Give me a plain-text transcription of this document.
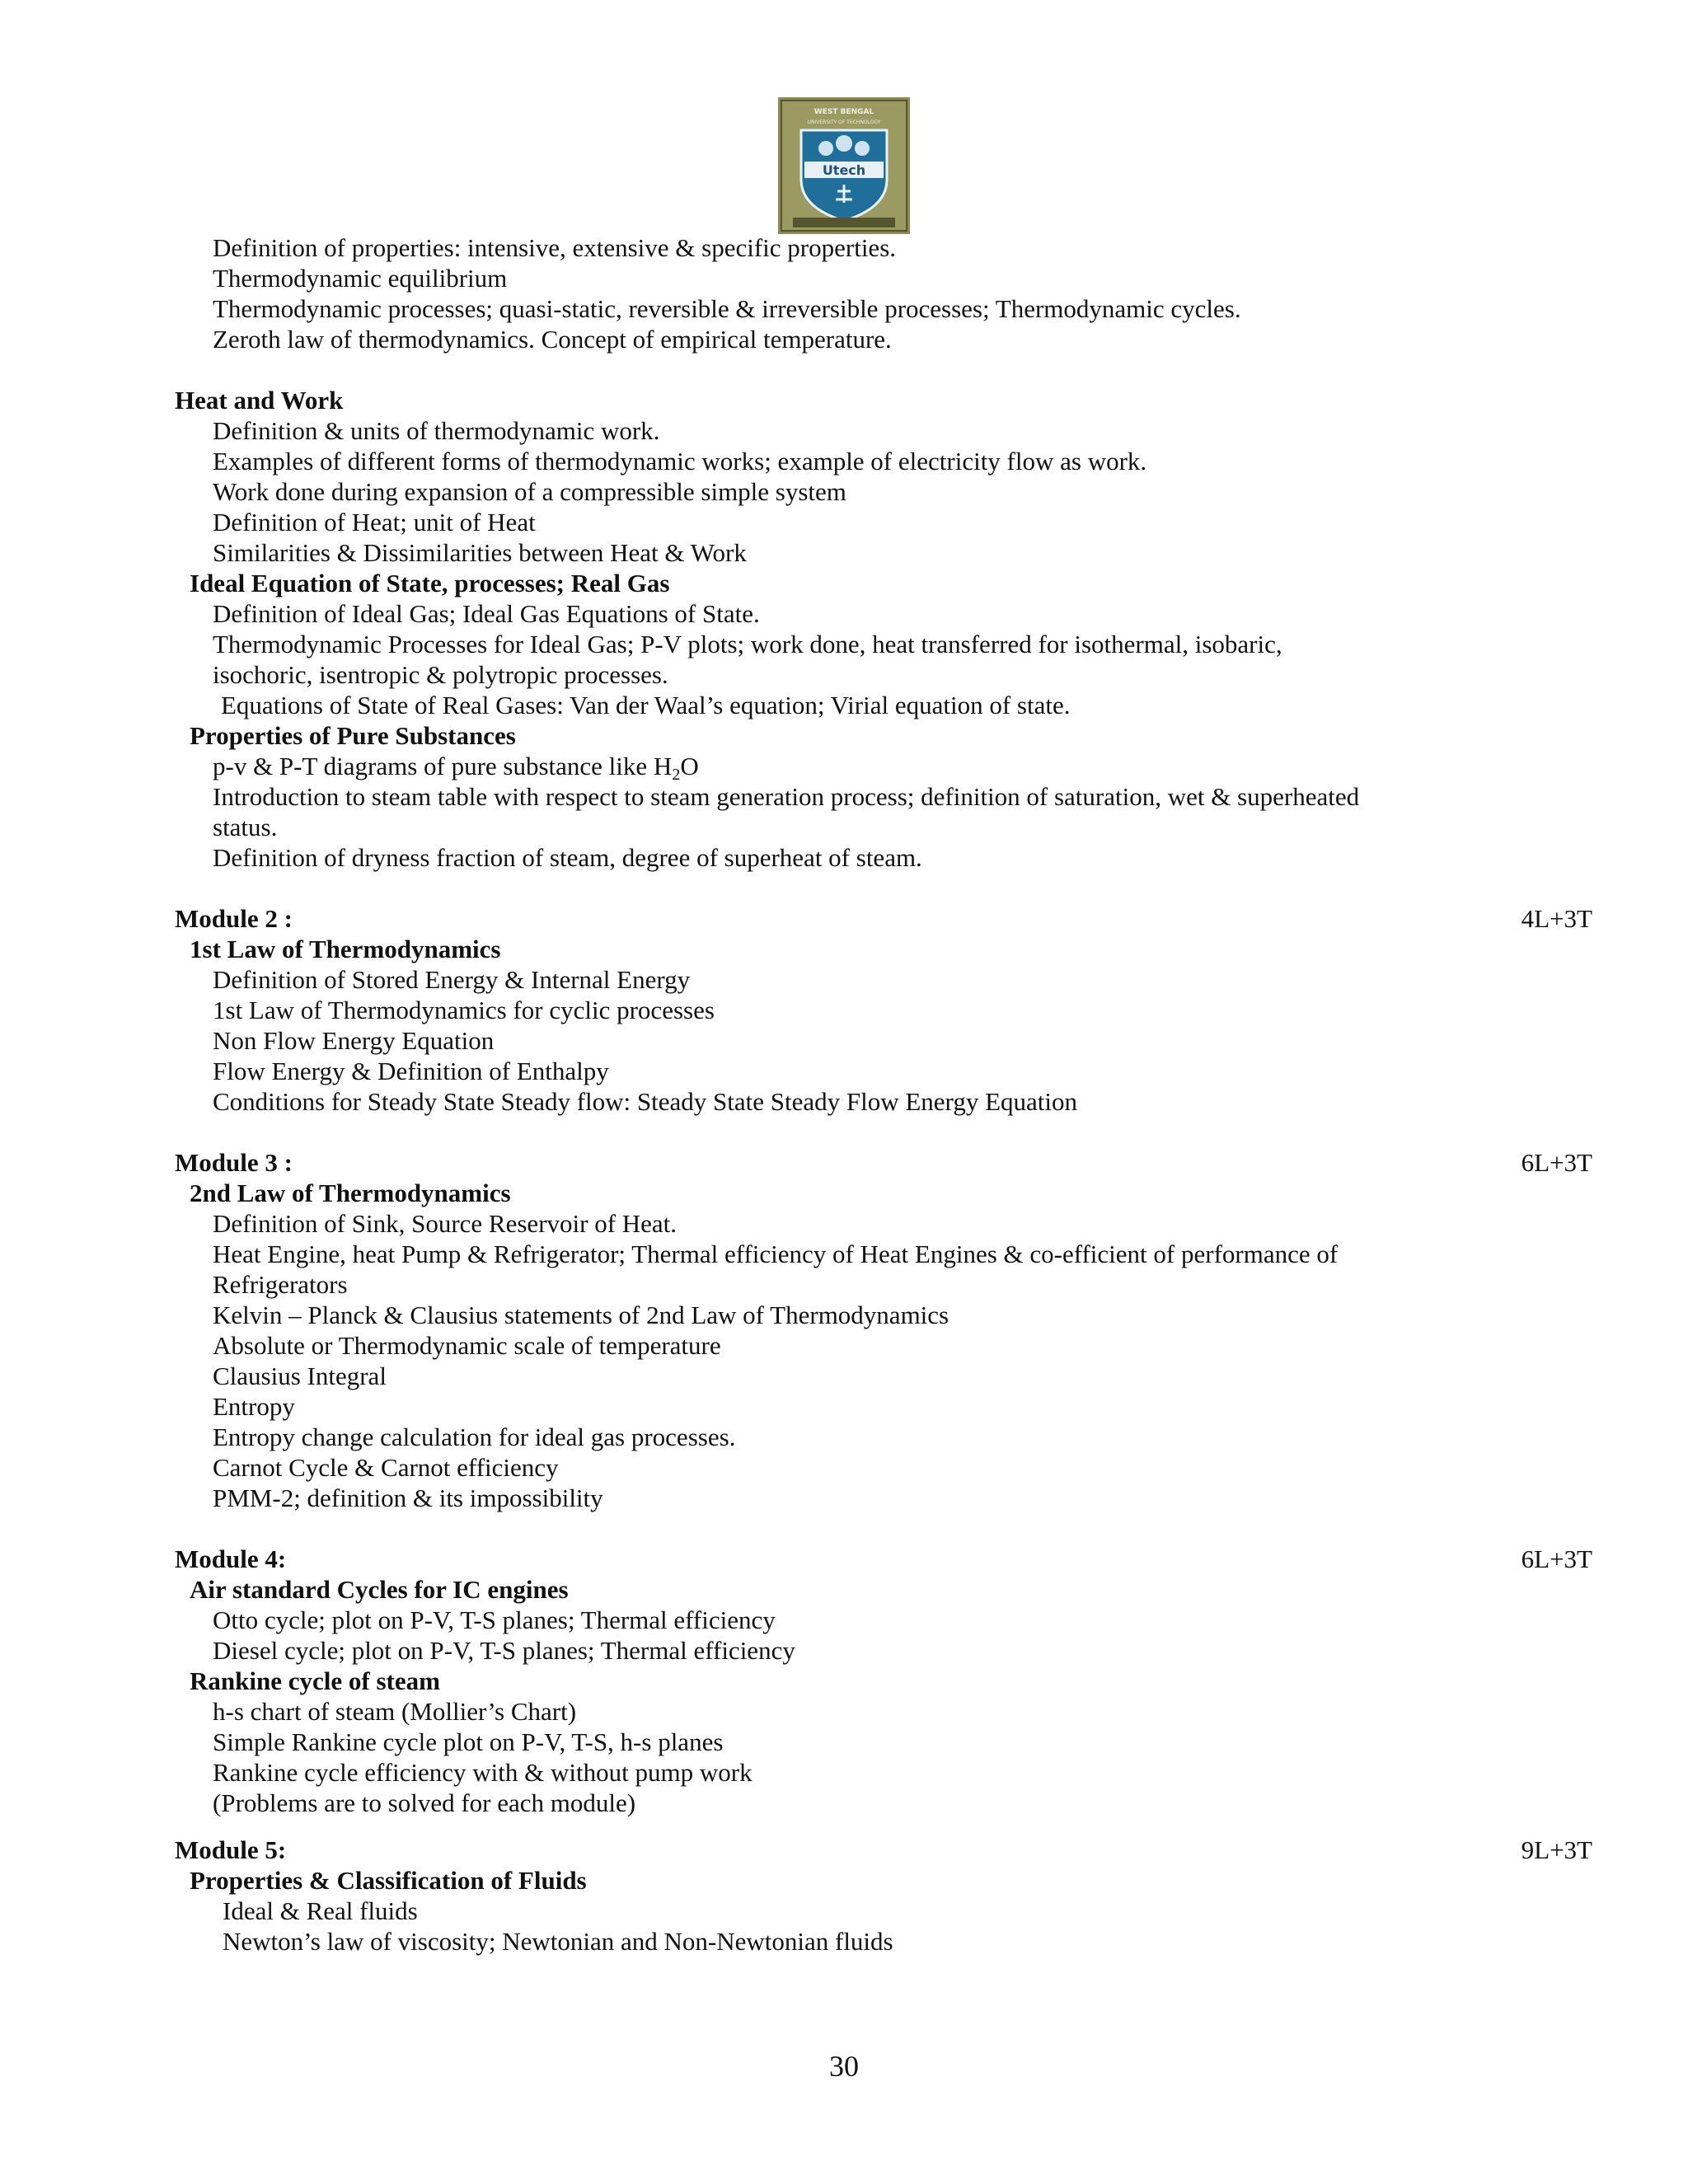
WEST BENGAL
UNIVERSITY OF TECHNOLOGY
Utech
Definition of properties: intensive, extensive & specific properties.
Thermodynamic equilibrium
Thermodynamic processes; quasi-static, reversible & irreversible processes; Thermodynamic cycles.
Zeroth law of thermodynamics. Concept of empirical temperature.
Heat and Work
Definition & units of thermodynamic work.
Examples of different forms of thermodynamic works; example of electricity flow as work.
Work done during expansion of a compressible simple system
Definition of Heat; unit of Heat
Similarities & Dissimilarities between Heat & Work
Ideal Equation of State, processes; Real Gas
Definition of Ideal Gas; Ideal Gas Equations of State.
Thermodynamic Processes for Ideal Gas; P-V plots; work done, heat transferred for isothermal, isobaric,
isochoric, isentropic & polytropic processes.
Equations of State of Real Gases: Van der Waal’s equation; Virial equation of state.
Properties of Pure Substances
p-v & P-T diagrams of pure substance like $H_2O$
Introduction to steam table with respect to steam generation process; definition of saturation, wet & superheated
status.
Definition of dryness fraction of steam, degree of superheat of steam.
Module 2 :	4L+3T
1st Law of Thermodynamics
Definition of Stored Energy & Internal Energy
1st Law of Thermodynamics for cyclic processes
Non Flow Energy Equation
Flow Energy & Definition of Enthalpy
Conditions for Steady State Steady flow: Steady State Steady Flow Energy Equation
Module 3 :	6L+3T
2nd Law of Thermodynamics
Definition of Sink, Source Reservoir of Heat.
Heat Engine, heat Pump & Refrigerator; Thermal efficiency of Heat Engines & co-efficient of performance of
Refrigerators
Kelvin – Planck & Clausius statements of 2nd Law of Thermodynamics
Absolute or Thermodynamic scale of temperature
Clausius Integral
Entropy
Entropy change calculation for ideal gas processes.
Carnot Cycle & Carnot efficiency
PMM-2; definition & its impossibility
Module 4:	6L+3T
Air standard Cycles for IC engines
Otto cycle; plot on P-V, T-S planes; Thermal efficiency
Diesel cycle; plot on P-V, T-S planes; Thermal efficiency
Rankine cycle of steam
h-s chart of steam (Mollier’s Chart)
Simple Rankine cycle plot on P-V, T-S, h-s planes
Rankine cycle efficiency with & without pump work
(Problems are to solved for each module)
Module 5:	9L+3T
Properties & Classification of Fluids
Ideal & Real fluids
Newton’s law of viscosity; Newtonian and Non-Newtonian fluids
30
